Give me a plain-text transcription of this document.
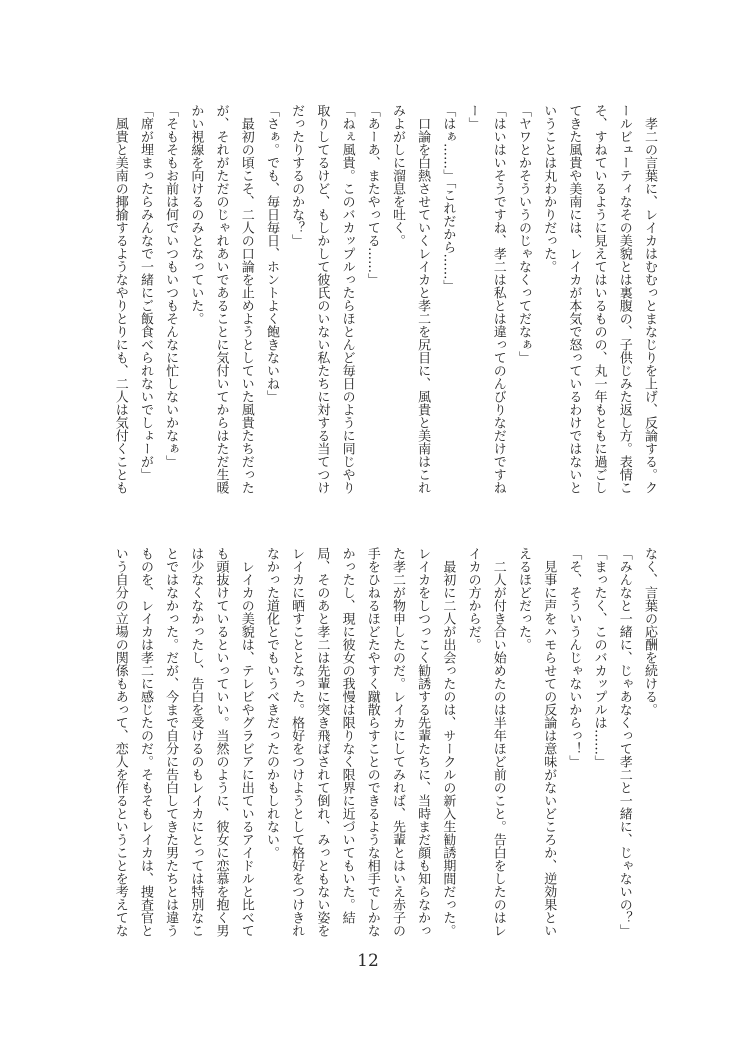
孝二の言葉に、レイカはむむっとまなじりを上げ、反論する。クールビューティなその美貌とは裏腹の、子供じみた返し方。表情こそ、すねているように見えてはいるものの、丸一年もともに過ごしてきた風貴や美南には、レイカが本気で怒っているわけではないということは丸わかりだった。

「ヤワとかそういうのじゃなくってだなぁ」

「はいはいそうですね、孝二は私とは違ってのんびりなだけですねー」

「はぁ……」「これだから……」

口論を白熱させていくレイカと孝二を尻目に、風貴と美南はこれみよがしに溜息を吐く。

「あーあ、またやってる……」

「ねぇ風貴。このバカップルったらほとんど毎日のように同じやり取りしてるけど、もしかして彼氏のいない私たちに対する当てつけだったりするのかな？」

「さぁ。でも、毎日毎日、ホントよく飽きないね」

最初の頃こそ、二人の口論を止めようとしていた風貴たちだったが、それがただのじゃれあいであることに気付いてからはただ生暖かい視線を向けるのみとなっていた。

「そもそもお前は何でいつもいつもそんなに忙しないかなぁ」

「席が埋まったらみんなで一緒にご飯食べられないでしょーが」

風貴と美南の揶揄するようなやりとりにも、二人は気付くことも

なく、言葉の応酬を続ける。

「みんなと一緒に、じゃあなくって孝二と一緒に、じゃないの？」

「まったく、このバカップルは……」

「そ、そういうんじゃないからっ！」

見事に声をハモらせての反論は意味がないどころか、逆効果といえるほどだった。

二人が付き合い始めたのは半年ほど前のこと。告白をしたのはレイカの方からだ。

最初に二人が出会ったのは、サークルの新入生勧誘期間だった。レイカをしつっこく勧誘する先輩たちに、当時まだ顔も知らなかった孝二が物申したのだ。レイカにしてみれば、先輩とはいえ赤子の手をひねるほどたやすく蹴散らすことのできるような相手でしかなかったし、現に彼女の我慢は限りなく限界に近づいてもいた。結局、そのあと孝二は先輩に突き飛ばされて倒れ、みっともない姿をレイカに晒すこととなった。格好をつけようとして格好をつけきれなかった道化とでもいうべきだったのかもしれない。

レイカの美貌は、テレビやグラビアに出ているアイドルと比べても頭抜けているといっていい。当然のように、彼女に恋慕を抱く男は少なくなかったし、告白を受けるのもレイカにとっては特別なことではなかった。だが、今まで自分に告白してきた男たちとは違うものを、レイカは孝二に感じたのだ。そもそもレイカは、捜査官という自分の立場の関係もあって、恋人を作るということを考えてな

12
